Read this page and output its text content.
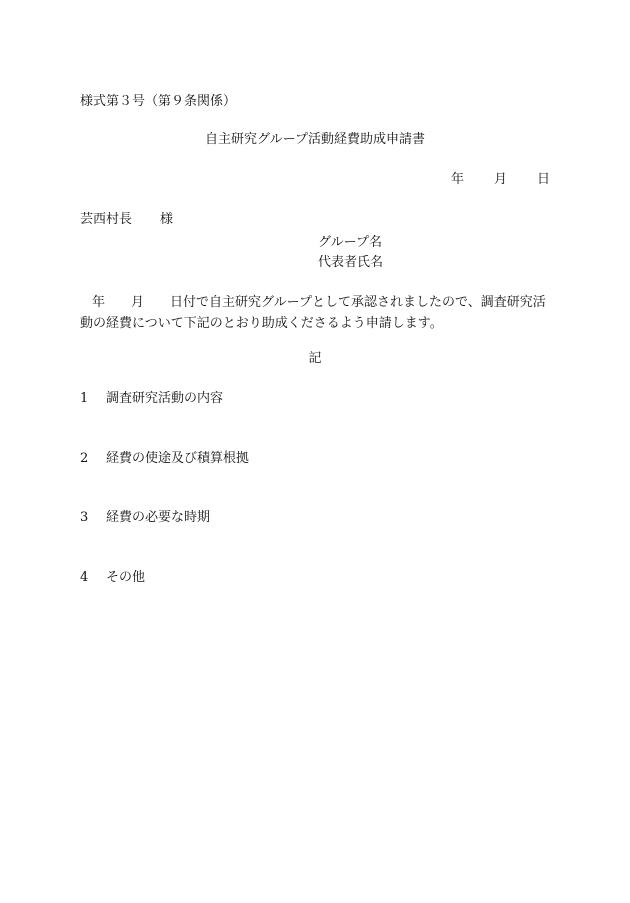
様式第３号（第９条関係）
自主研究グループ活動経費助成申請書
年 月 日
芸西村長 様
グループ名
代表者氏名
年 月 日付で自主研究グループとして承認されましたので、調査研究活動の経費について下記のとおり助成くださるよう申請します。
記
1 調査研究活動の内容
2 経費の使途及び積算根拠
3 経費の必要な時期
4 その他
